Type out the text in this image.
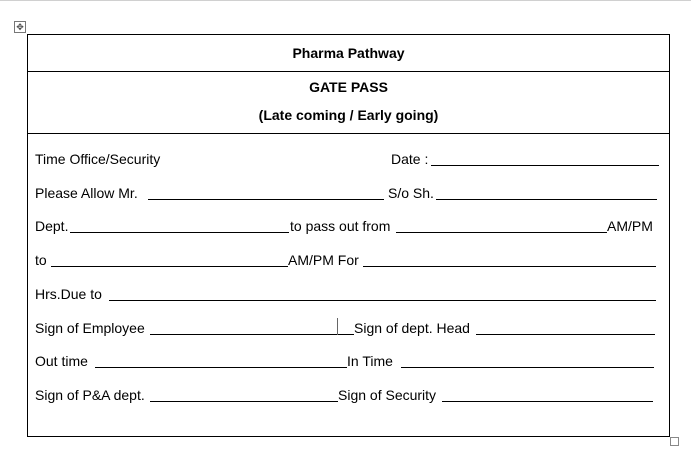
✥
Pharma Pathway
GATE PASS
(Late coming / Early going)
Time Office/Security	Date :
Please Allow Mr.	S/o Sh.
Dept.	to pass out from	AM/PM
to	AM/PM For
Hrs.Due to
Sign of Employee	Sign of dept. Head
Out time	In Time
Sign of P&A dept.	Sign of Security
